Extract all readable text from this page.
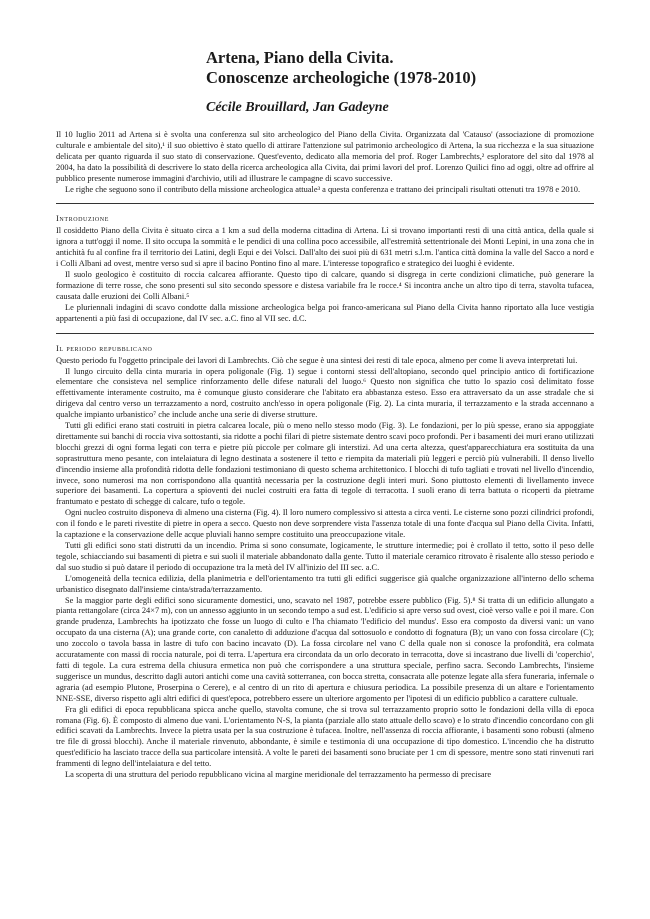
Artena, Piano della Civita.
Conoscenze archeologiche (1978-2010)
Cécile Brouillard, Jan Gadeyne

Il 10 luglio 2011 ad Artena si è svolta una conferenza sul sito archeologico del Piano della Civita. Organizzata dal 'Catauso' (associazione di promozione culturale e ambientale del sito),¹ il suo obiettivo è stato quello di attirare l'attenzione sul patrimonio archeologico di Artena, la sua ricchezza e la sua situazione delicata per quanto riguarda il suo stato di conservazione. Quest'evento, dedicato alla memoria del prof. Roger Lambrechts,² esploratore del sito dal 1978 al 2004, ha dato la possibilità di descrivere lo stato della ricerca archeologica alla Civita, dai primi lavori del prof. Lorenzo Quilici fino ad oggi, oltre ad offrire al pubblico presente numerose immagini d'archivio, utili ad illustrare le campagne di scavo successive.

Le righe che seguono sono il contributo della missione archeologica attuale³ a questa conferenza e trattano dei principali risultati ottenuti tra 1978 e 2010.

Introduzione

Il cosiddetto Piano della Civita è situato circa a 1 km a sud della moderna cittadina di Artena. Lì si trovano importanti resti di una città antica, della quale si ignora a tutt'oggi il nome. Il sito occupa la sommità e le pendici di una collina poco accessibile, all'estremità settentrionale dei Monti Lepini, in una zona che in antichità fu al confine fra il territorio dei Latini, degli Equi e dei Volsci. Dall'alto dei suoi più di 631 metri s.l.m. l'antica città domina la valle del Sacco a nord e i Colli Albani ad ovest, mentre verso sud si apre il bacino Pontino fino al mare. L'interesse topografico e strategico dei luoghi è evidente.

Il suolo geologico è costituito di roccia calcarea affiorante. Questo tipo di calcare, quando si disgrega in certe condizioni climatiche, può generare la formazione di terre rosse, che sono presenti sul sito secondo spessore e distesa variabile fra le rocce.⁴ Si incontra anche un altro tipo di terra, stavolta tufacea, causata dalle eruzioni dei Colli Albani.⁵

Le pluriennali indagini di scavo condotte dalla missione archeologica belga poi franco-americana sul Piano della Civita hanno riportato alla luce vestigia appartenenti a più fasi di occupazione, dal IV sec. a.C. fino al VII sec. d.C.

Il periodo repubblicano

Questo periodo fu l'oggetto principale dei lavori di Lambrechts. Ciò che segue è una sintesi dei resti di tale epoca, almeno per come li aveva interpretati lui.

Il lungo circuito della cinta muraria in opera poligonale (Fig. 1) segue i contorni stessi dell'altopiano, secondo quel principio antico di fortificazione elementare che consisteva nel semplice rinforzamento delle difese naturali del luogo.⁶ Questo non significa che tutto lo spazio così delimitato fosse effettivamente interamente costruito, ma è comunque giusto considerare che l'abitato era abbastanza esteso. Esso era attraversato da un asse stradale che si dirigeva dal centro verso un terrazzamento a nord, costruito anch'esso in opera poligonale (Fig. 2). La cinta muraria, il terrazzamento e la strada accennano a qualche impianto urbanistico⁷ che include anche una serie di diverse strutture.

Tutti gli edifici erano stati costruiti in pietra calcarea locale, più o meno nello stesso modo (Fig. 3). Le fondazioni, per lo più spesse, erano sia appoggiate direttamente sui banchi di roccia viva sottostanti, sia ridotte a pochi filari di pietre sistemate dentro scavi poco profondi. Per i basamenti dei muri erano utilizzati blocchi grezzi di ogni forma legati con terra e pietre più piccole per colmare gli interstizi. Ad una certa altezza, quest'apparecchiatura era sostituita da una soprastruttura meno pesante, con intelaiatura di legno destinata a sostenere il tetto e riempita da materiali più leggeri e perciò più vulnerabili. Il denso livello d'incendio insieme alla profondità ridotta delle fondazioni testimoniano di questo schema architettonico. I blocchi di tufo tagliati e trovati nel livello d'incendio, invece, sono numerosi ma non corrispondono alla quantità necessaria per la costruzione degli interi muri. Sono piuttosto elementi di livellamento invece superiore dei basamenti. La copertura a spioventi dei nuclei costruiti era fatta di tegole di terracotta. I suoli erano di terra battuta o ricoperti da pietrame frantumato e pestato di schegge di calcare, tufo o tegole.

Ogni nucleo costruito disponeva di almeno una cisterna (Fig. 4). Il loro numero complessivo si attesta a circa venti. Le cisterne sono pozzi cilindrici profondi, con il fondo e le pareti rivestite di pietre in opera a secco. Questo non deve sorprendere vista l'assenza totale di una fonte d'acqua sul Piano della Civita. Infatti, la captazione e la conservazione delle acque pluviali hanno sempre costituito una preoccupazione vitale.

Tutti gli edifici sono stati distrutti da un incendio. Prima si sono consumate, logicamente, le strutture intermedie; poi è crollato il tetto, sotto il peso delle tegole, schiacciando sui basamenti di pietra e sui suoli il materiale abbandonato dalla gente. Tutto il materiale ceramico ritrovato è risalente allo stesso periodo e dal suo studio si può datare il periodo di occupazione tra la metà del IV all'inizio del III sec. a.C.

L'omogeneità della tecnica edilizia, della planimetria e dell'orientamento tra tutti gli edifici suggerisce già qualche organizzazione all'interno dello schema urbanistico disegnato dall'insieme cinta/strada/terrazzamento.

Se la maggior parte degli edifici sono sicuramente domestici, uno, scavato nel 1987, potrebbe essere pubblico (Fig. 5).⁸ Si tratta di un edificio allungato a pianta rettangolare (circa 24×7 m), con un annesso aggiunto in un secondo tempo a sud est. L'edificio si apre verso sud ovest, cioè verso valle e poi il mare. Con grande prudenza, Lambrechts ha ipotizzato che fosse un luogo di culto e l'ha chiamato 'l'edificio del mundus'. Esso era composto da diversi vani: un vano occupato da una cisterna (A); una grande corte, con canaletto di adduzione d'acqua dal sottosuolo e condotto di fognatura (B); un vano con fossa circolare (C); uno zoccolo o tavola bassa in lastre di tufo con bacino incavato (D). La fossa circolare nel vano C della quale non si conosce la profondità, era colmata accuratamente con massi di roccia naturale, poi di terra. L'apertura era circondata da un orlo decorato in terracotta, dove si incastrano due livelli di 'coperchio', fatti di tegole. La cura estrema della chiusura ermetica non può che corrispondere a una struttura speciale, perfino sacra. Secondo Lambrechts, l'insieme suggerisce un mundus, descritto dagli autori antichi come una cavità sotterranea, con bocca stretta, consacrata alle potenze legate alla sfera funeraria, infernale o agraria (ad esempio Plutone, Proserpina o Cerere), e al centro di un rito di apertura e chiusura periodica. La possibile presenza di un altare e l'orientamento NNE-SSE, diverso rispetto agli altri edifici di quest'epoca, potrebbero essere un ulteriore argomento per l'ipotesi di un edificio pubblico a carattere cultuale.

Fra gli edifici di epoca repubblicana spicca anche quello, stavolta comune, che si trova sul terrazzamento proprio sotto le fondazioni della villa di epoca romana (Fig. 6). È composto di almeno due vani. L'orientamento N-S, la pianta (parziale allo stato attuale dello scavo) e lo strato d'incendio concordano con gli edifici scavati da Lambrechts. Invece la pietra usata per la sua costruzione è tufacea. Inoltre, nell'assenza di roccia affiorante, i basamenti sono robusti (almeno tre file di grossi blocchi). Anche il materiale rinvenuto, abbondante, è simile e testimonia di una occupazione di tipo domestico. L'incendio che ha distrutto quest'edificio ha lasciato tracce della sua particolare intensità. A volte le pareti dei basamenti sono bruciate per 1 cm di spessore, mentre sono stati rinvenuti rari frammenti di legno dell'intelaiatura e del tetto.

La scoperta di una struttura del periodo repubblicano vicina al margine meridionale del terrazzamento ha permesso di precisare
